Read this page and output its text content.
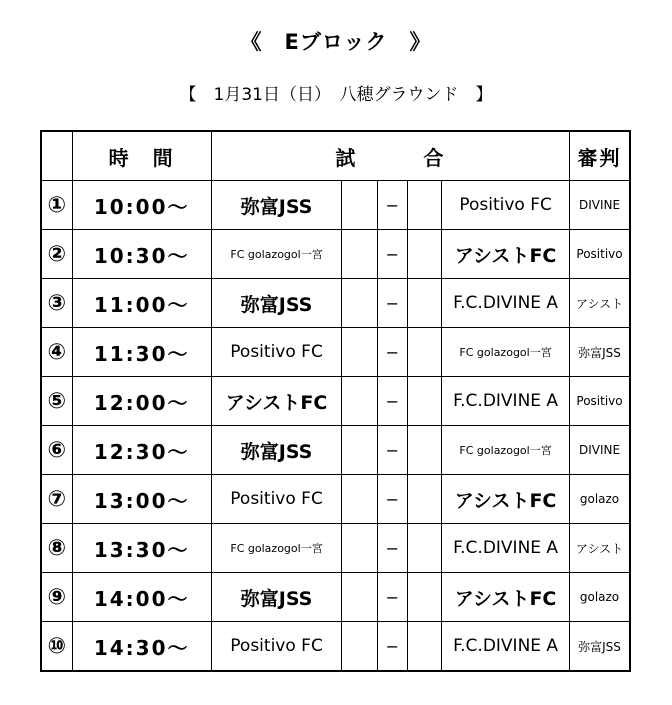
《　Eブロック　》
【　1月31日（日）　八穂グラウンド　】
	時　間	試　　　合					審判
①	10:00〜	弥富JSS		−		Positivo FC	DIVINE
②	10:30〜	FC golazogol一宮		−		アシストFC	Positivo
③	11:00〜	弥富JSS		−		F.C.DIVINE A	アシスト
④	11:30〜	Positivo FC		−		FC golazogol一宮	弥富JSS
⑤	12:00〜	アシストFC		−		F.C.DIVINE A	Positivo
⑥	12:30〜	弥富JSS		−		FC golazogol一宮	DIVINE
⑦	13:00〜	Positivo FC		−		アシストFC	golazo
⑧	13:30〜	FC golazogol一宮		−		F.C.DIVINE A	アシスト
⑨	14:00〜	弥富JSS		−		アシストFC	golazo
⑩	14:30〜	Positivo FC		−		F.C.DIVINE A	弥富JSS
